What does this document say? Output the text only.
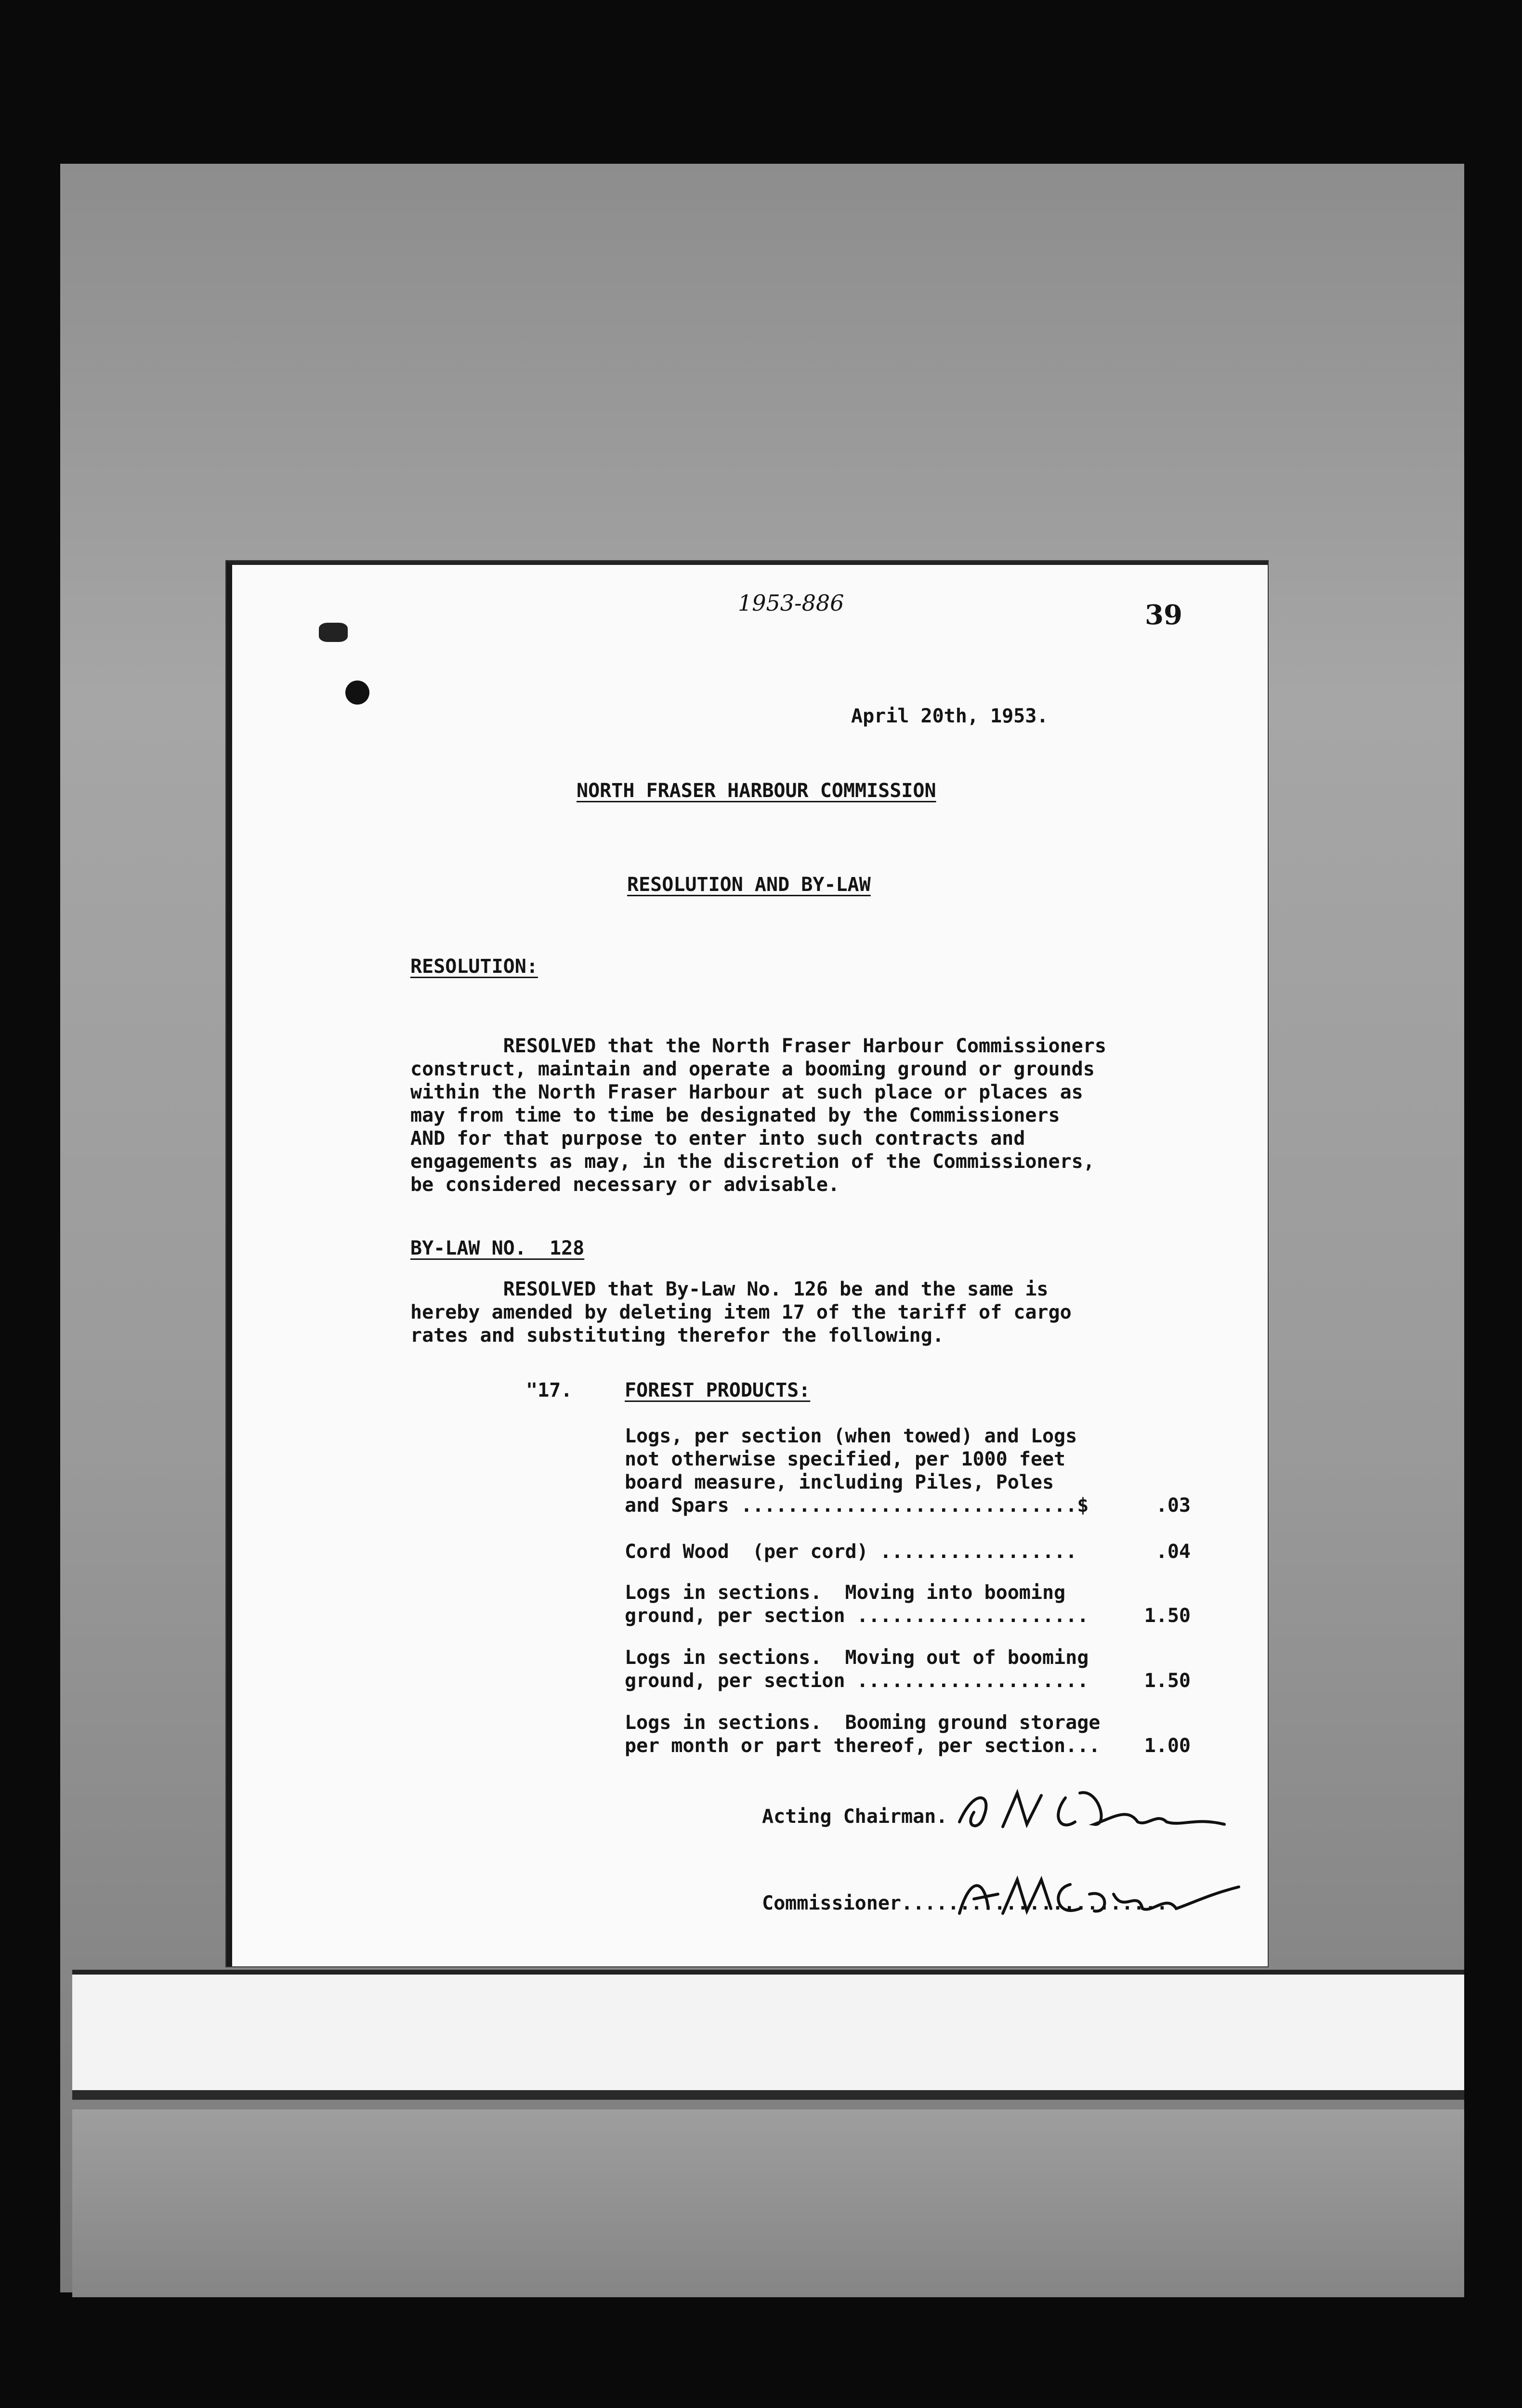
1953-886	39
April 20th, 1953.
NORTH FRASER HARBOUR COMMISSION
RESOLUTION AND BY-LAW
RESOLUTION:
RESOLVED that the North Fraser Harbour Commissioners
construct, maintain and operate a booming ground or grounds
within the North Fraser Harbour at such place or places as
may from time to time be designated by the Commissioners
AND for that purpose to enter into such contracts and
engagements as may, in the discretion of the Commissioners,
be considered necessary or advisable.
BY-LAW NO.  128
RESOLVED that By-Law No. 126 be and the same is
hereby amended by deleting item 17 of the tariff of cargo
rates and substituting therefor the following.
"17.	FOREST PRODUCTS:
Logs, per section (when towed) and Logs
not otherwise specified, per 1000 feet
board measure, including Piles, Poles
and Spars .............................$	.03
Cord Wood  (per cord) .................	.04
Logs in sections.  Moving into booming
ground, per section ....................	1.50
Logs in sections.  Moving out of booming
ground, per section ....................	1.50
Logs in sections.  Booming ground storage
per month or part thereof, per section...	1.00
Acting Chairman.
Commissioner.......................
